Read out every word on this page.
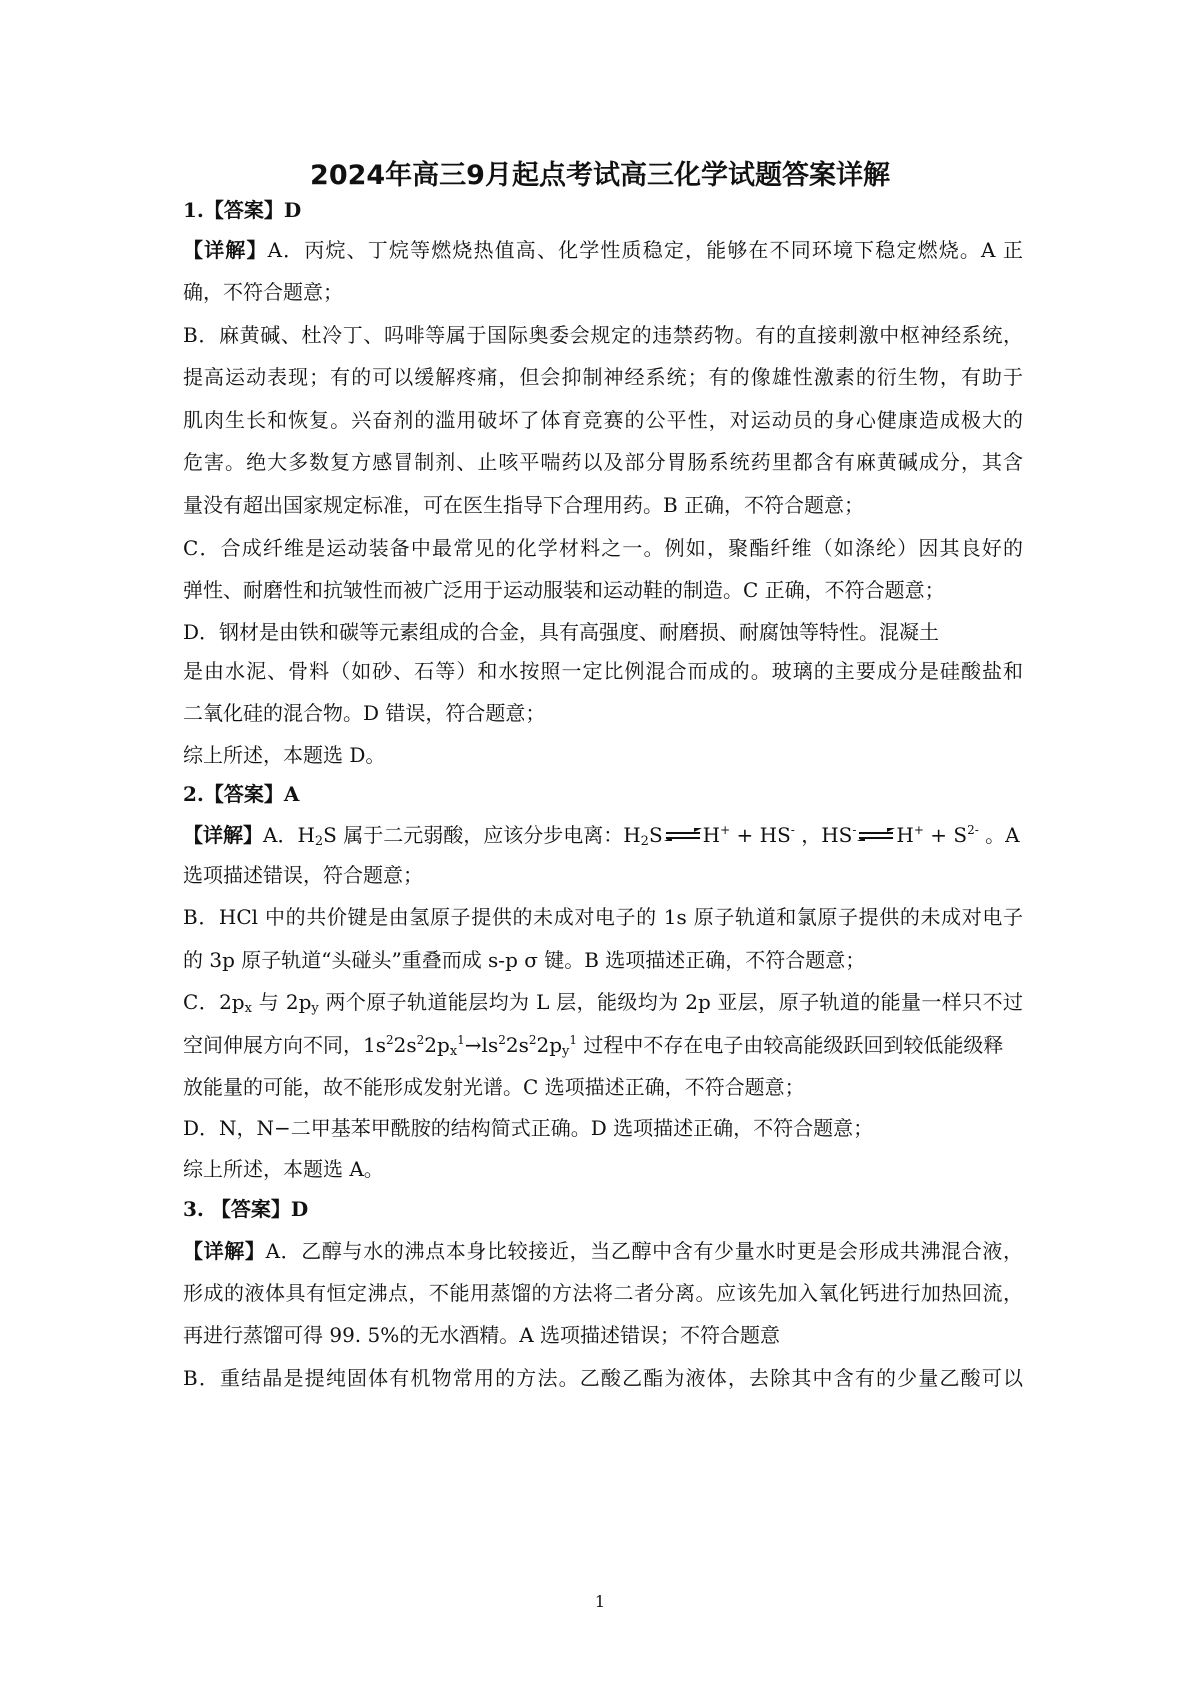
2024年高三9月起点考试高三化学试题答案详解
1.【答案】D
【详解】A．丙烷、丁烷等燃烧热值高、化学性质稳定，能够在不同环境下稳定燃烧。A 正
确，不符合题意；
B．麻黄碱、杜冷丁、吗啡等属于国际奥委会规定的违禁药物。有的直接刺激中枢神经系统，
提高运动表现；有的可以缓解疼痛，但会抑制神经系统；有的像雄性激素的衍生物，有助于
肌肉生长和恢复。兴奋剂的滥用破坏了体育竞赛的公平性，对运动员的身心健康造成极大的
危害。绝大多数复方感冒制剂、止咳平喘药以及部分胃肠系统药里都含有麻黄碱成分，其含
量没有超出国家规定标准，可在医生指导下合理用药。B 正确，不符合题意；
C．合成纤维是运动装备中最常见的化学材料之一。例如，聚酯纤维（如涤纶）因其良好的
弹性、耐磨性和抗皱性而被广泛用于运动服装和运动鞋的制造。C 正确，不符合题意；
D．钢材是由铁和碳等元素组成的合金，具有高强度、耐磨损、耐腐蚀等特性。混凝土
是由水泥、骨料（如砂、石等）和水按照一定比例混合而成的。玻璃的主要成分是硅酸盐和
二氧化硅的混合物。D 错误，符合题意；
综上所述，本题选 D。
2.【答案】A
【详解】A．$H_2S$ 属于二元弱酸，应该分步电离：$H_2S$ H+ + HS- ，HS- $H^+ + S^{2-}$ 。A
选项描述错误，符合题意；
B．HCl 中的共价键是由氢原子提供的未成对电子的 1s 原子轨道和氯原子提供的未成对电子
的 3p 原子轨道“头碰头”重叠而成 s-p σ 键。B 选项描述正确，不符合题意；
C．$2p_x$ 与 $2p_y$ 两个原子轨道能层均为 L 层，能级均为 2p 亚层，原子轨道的能量一样只不过
空间伸展方向不同，$1s^22s^22p_x^1\to ls^22s^22p_y^1$ 过程中不存在电子由较高能级跃回到较低能级释
放能量的可能，故不能形成发射光谱。C 选项描述正确，不符合题意；
D．N，N−二甲基苯甲酰胺的结构简式正确。D 选项描述正确，不符合题意；
综上所述，本题选 A。
3. 【答案】D
【详解】A．乙醇与水的沸点本身比较接近，当乙醇中含有少量水时更是会形成共沸混合液，
形成的液体具有恒定沸点，不能用蒸馏的方法将二者分离。应该先加入氧化钙进行加热回流，
再进行蒸馏可得 99. 5%的无水酒精。A 选项描述错误；不符合题意
B．重结晶是提纯固体有机物常用的方法。乙酸乙酯为液体，去除其中含有的少量乙酸可以
1
